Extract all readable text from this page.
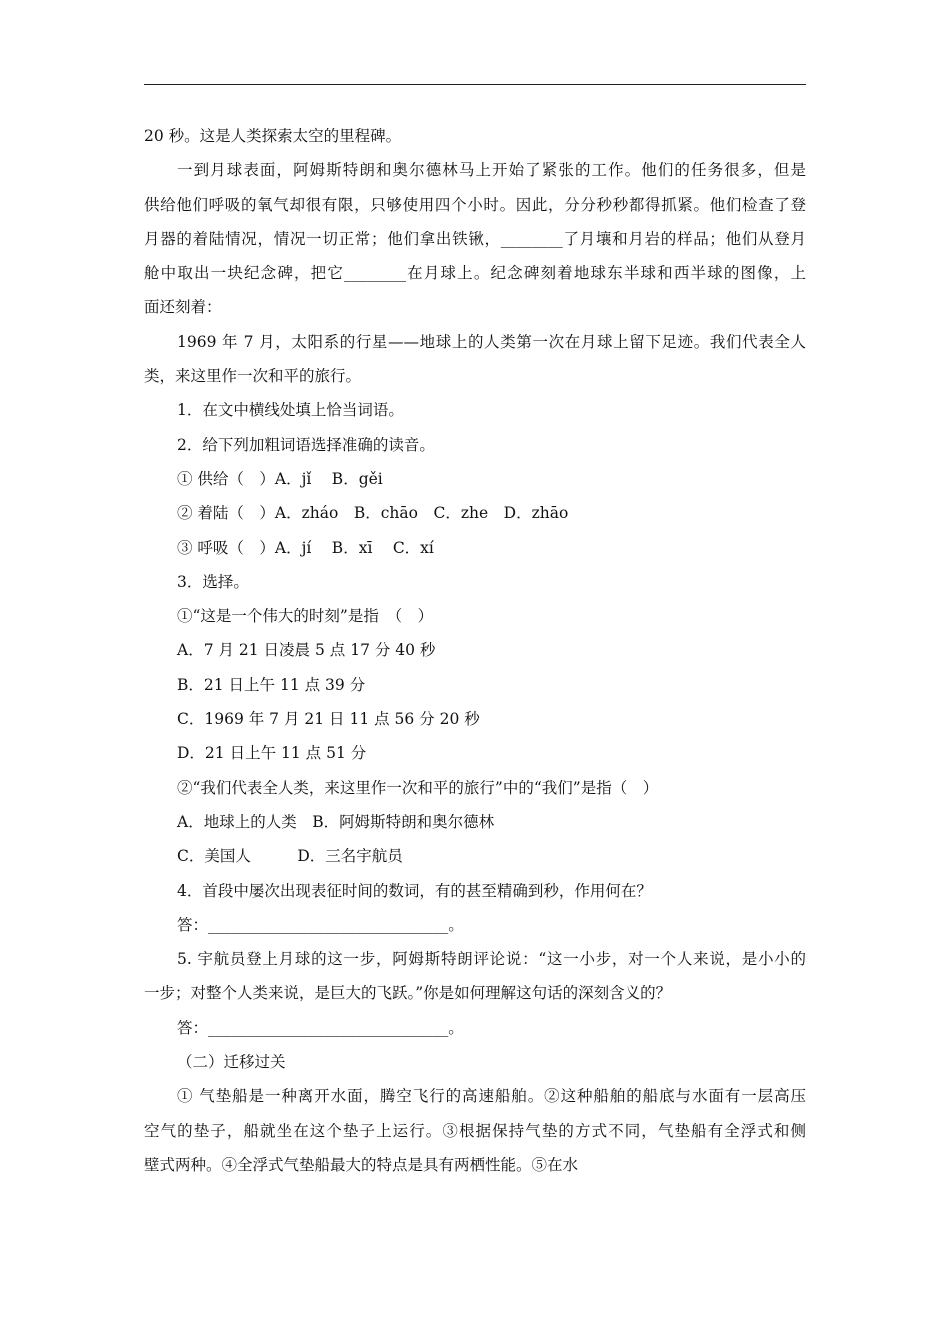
20 秒。这是人类探索太空的里程碑。

一到月球表面，阿姆斯特朗和奥尔德林马上开始了紧张的工作。他们的任务很多，但是

供给他们呼吸的氧气却很有限，只够使用四个小时。因此，分分秒秒都得抓紧。他们检查了登

月器的着陆情况，情况一切正常；他们拿出铁锹，________了月壤和月岩的样品；他们从登月

舱中取出一块纪念碑，把它________在月球上。纪念碑刻着地球东半球和西半球的图像，上

面还刻着：

1969 年 7 月，太阳系的行星——地球上的人类第一次在月球上留下足迹。我们代表全人

类，来这里作一次和平的旅行。

1．在文中横线处填上恰当词语。

2．给下列加粗词语选择准确的读音。

① 供给（　）A．jǐ　 B．gěi

② 着陆（　）A．zháo　B．chāo　C．zhe　D．zhāo

③ 呼吸（　）A．jí　 B．xī　 C．xí

3．选择。

①“这是一个伟大的时刻”是指　（　）

A．7 月 21 日凌晨 5 点 17 分 40 秒

B．21 日上午 11 点 39 分

C．1969 年 7 月 21 日 11 点 56 分 20 秒

D．21 日上午 11 点 51 分

②“我们代表全人类，来这里作一次和平的旅行”中的“我们”是指（　）

A．地球上的人类　B．阿姆斯特朗和奥尔德林

C．美国人　　　D．三名宇航员

4．首段中屡次出现表征时间的数词，有的甚至精确到秒，作用何在？

答：_______________________________。

5. 宇航员登上月球的这一步，阿姆斯特朗评论说：“这一小步，对一个人来说，是小小的

一步；对整个人类来说，是巨大的飞跃。”你是如何理解这句话的深刻含义的？

答：_______________________________。

（二）迁移过关

① 气垫船是一种离开水面，腾空飞行的高速船舶。②这种船舶的船底与水面有一层高压

空气的垫子，船就坐在这个垫子上运行。③根据保持气垫的方式不同，气垫船有全浮式和侧

壁式两种。④全浮式气垫船最大的特点是具有两栖性能。⑤在水
